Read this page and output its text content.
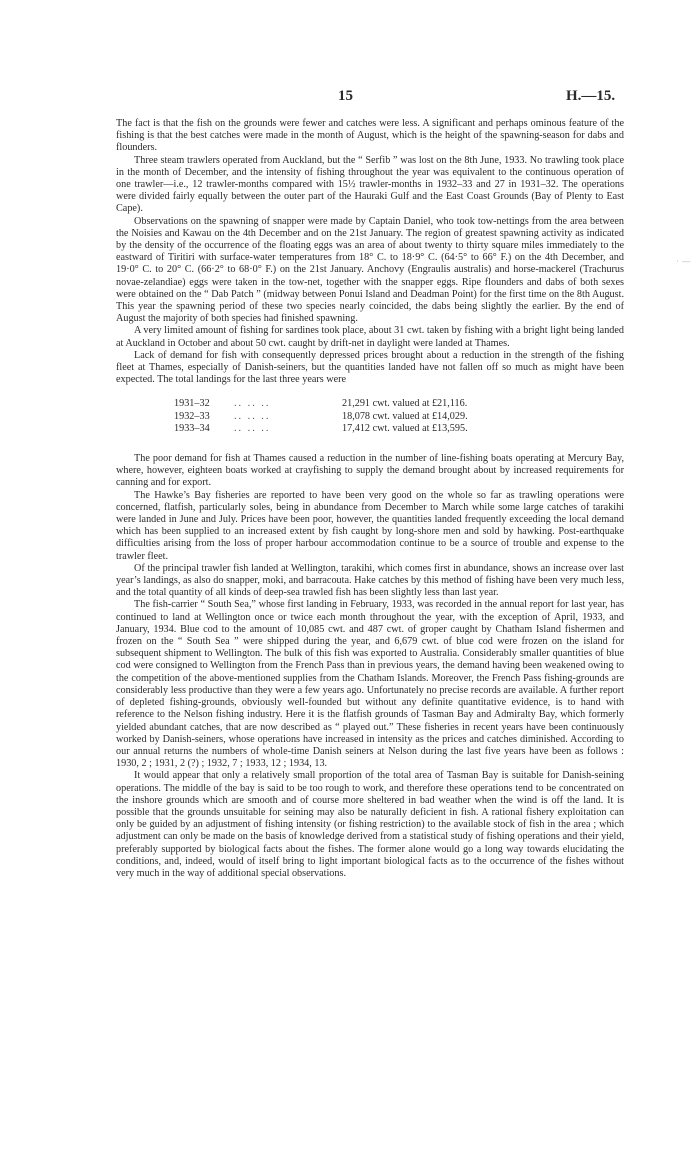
15	H.—15.

The fact is that the fish on the grounds were fewer and catches were less. A significant and perhaps ominous feature of the fishing is that the best catches were made in the month of August, which is the height of the spawning-season for dabs and flounders.

Three steam trawlers operated from Auckland, but the “ Serfib ” was lost on the 8th June, 1933. No trawling took place in the month of December, and the intensity of fishing throughout the year was equivalent to the continuous operation of one trawler—i.e., 12 trawler-months compared with 15½ trawler-months in 1932–33 and 27 in 1931–32. The operations were divided fairly equally between the outer part of the Hauraki Gulf and the East Coast Grounds (Bay of Plenty to East Cape).

Observations on the spawning of snapper were made by Captain Daniel, who took tow-nettings from the area between the Noisies and Kawau on the 4th December and on the 21st January. The region of greatest spawning activity as indicated by the density of the occurrence of the floating eggs was an area of about twenty to thirty square miles immediately to the eastward of Tiritiri with surface-water temperatures from 18° C. to 18·9° C. (64·5° to 66° F.) on the 4th December, and 19·0° C. to 20° C. (66·2° to 68·0° F.) on the 21st January. Anchovy (Engraulis australis) and horse-mackerel (Trachurus novae-zelandiae) eggs were taken in the tow-net, together with the snapper eggs. Ripe flounders and dabs of both sexes were obtained on the “ Dab Patch ” (midway between Ponui Island and Deadman Point) for the first time on the 8th August. This year the spawning period of these two species nearly coincided, the dabs being slightly the earlier. By the end of August the majority of both species had finished spawning.

A very limited amount of fishing for sardines took place, about 31 cwt. taken by fishing with a bright light being landed at Auckland in October and about 50 cwt. caught by drift-net in daylight were landed at Thames.

Lack of demand for fish with consequently depressed prices brought about a reduction in the strength of the fishing fleet at Thames, especially of Danish-seiners, but the quantities landed have not fallen off so much as might have been expected. The total landings for the last three years were

1931–32	.. .. ..	21,291 cwt. valued at £21,116.
1932–33	.. .. ..	18,078 cwt. valued at £14,029.
1933–34	.. .. ..	17,412 cwt. valued at £13,595.

The poor demand for fish at Thames caused a reduction in the number of line-fishing boats operating at Mercury Bay, where, however, eighteen boats worked at crayfishing to supply the demand brought about by increased requirements for canning and for export.

The Hawke’s Bay fisheries are reported to have been very good on the whole so far as trawling operations were concerned, flatfish, particularly soles, being in abundance from December to March while some large catches of tarakihi were landed in June and July. Prices have been poor, however, the quantities landed frequently exceeding the local demand which has been supplied to an increased extent by fish caught by long-shore men and sold by hawking. Post-earthquake difficulties arising from the loss of proper harbour accommodation continue to be a source of trouble and expense to the trawler fleet.

Of the principal trawler fish landed at Wellington, tarakihi, which comes first in abundance, shows an increase over last year’s landings, as also do snapper, moki, and barracouta. Hake catches by this method of fishing have been very much less, and the total quantity of all kinds of deep-sea trawled fish has been slightly less than last year.

The fish-carrier “ South Sea,” whose first landing in February, 1933, was recorded in the annual report for last year, has continued to land at Wellington once or twice each month throughout the year, with the exception of April, 1933, and January, 1934. Blue cod to the amount of 10,085 cwt. and 487 cwt. of groper caught by Chatham Island fishermen and frozen on the “ South Sea ” were shipped during the year, and 6,679 cwt. of blue cod were frozen on the island for subsequent shipment to Wellington. The bulk of this fish was exported to Australia. Considerably smaller quantities of blue cod were consigned to Wellington from the French Pass than in previous years, the demand having been weakened owing to the competition of the above-mentioned supplies from the Chatham Islands. Moreover, the French Pass fishing-grounds are considerably less productive than they were a few years ago. Unfortunately no precise records are available. A further report of depleted fishing-grounds, obviously well-founded but without any definite quantitative evidence, is to hand with reference to the Nelson fishing industry. Here it is the flatfish grounds of Tasman Bay and Admiralty Bay, which formerly yielded abundant catches, that are now described as “ played out.” These fisheries in recent years have been continuously worked by Danish-seiners, whose operations have increased in intensity as the prices and catches diminished. According to our annual returns the numbers of whole-time Danish seiners at Nelson during the last five years have been as follows : 1930, 2 ; 1931, 2 (?) ; 1932, 7 ; 1933, 12 ; 1934, 13.

It would appear that only a relatively small proportion of the total area of Tasman Bay is suitable for Danish-seining operations. The middle of the bay is said to be too rough to work, and therefore these operations tend to be concentrated on the inshore grounds which are smooth and of course more sheltered in bad weather when the wind is off the land. It is possible that the grounds unsuitable for seining may also be naturally deficient in fish. A rational fishery exploitation can only be guided by an adjustment of fishing intensity (or fishing restriction) to the available stock of fish in the area ; which adjustment can only be made on the basis of knowledge derived from a statistical study of fishing operations and their yield, preferably supported by biological facts about the fishes. The former alone would go a long way towards elucidating the conditions, and, indeed, would of itself bring to light important biological facts as to the occurrence of the fishes without very much in the way of additional special observations.

· —
